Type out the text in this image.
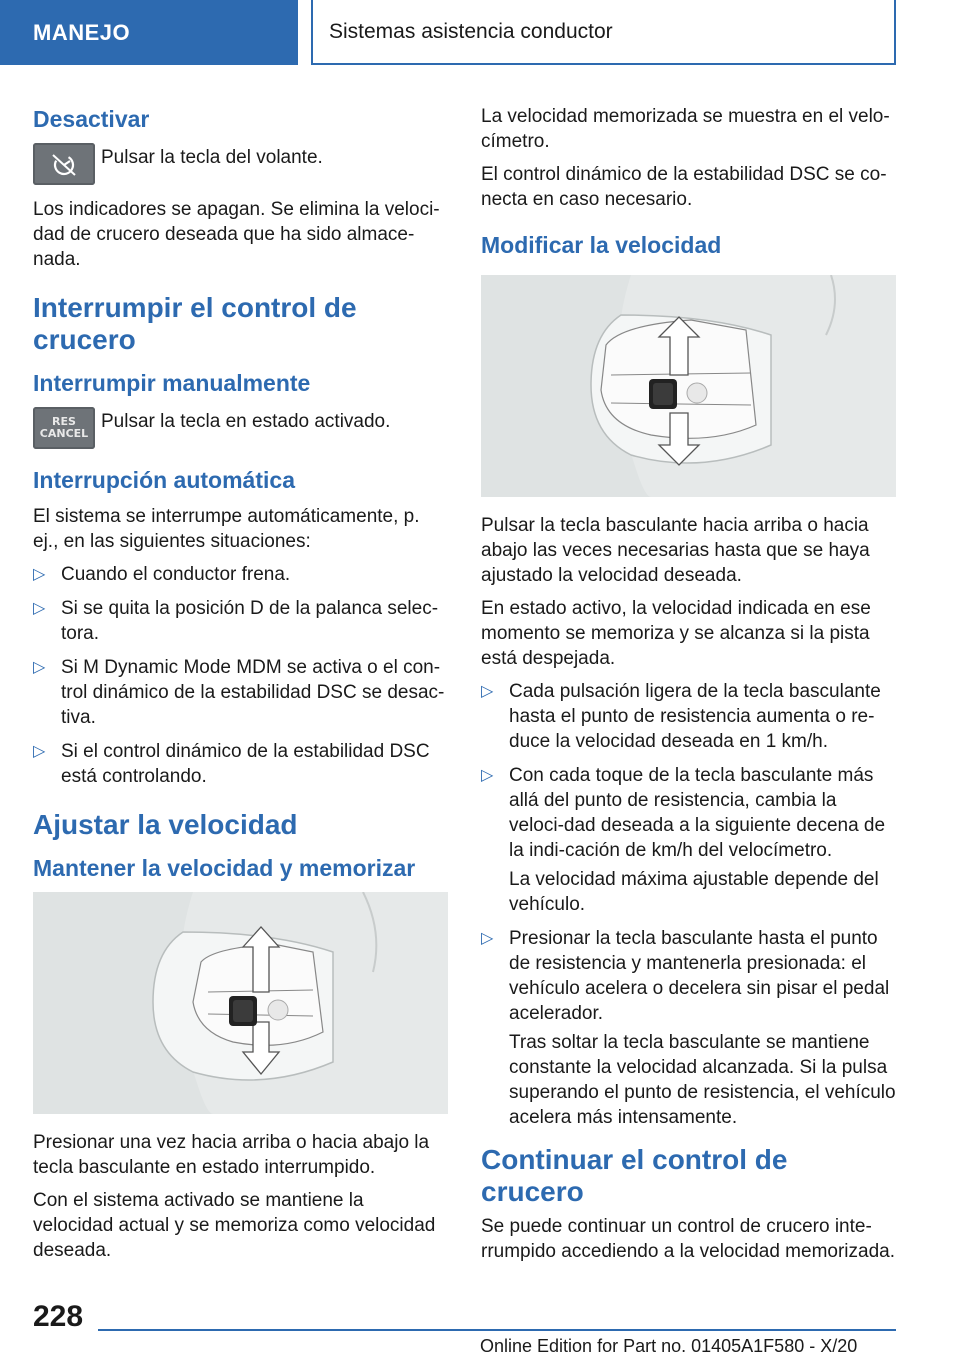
MANEJO	Sistemas asistencia conductor
Desactivar
Pulsar la tecla del volante.

Los indicadores se apagan. Se elimina la veloci-dad de crucero deseada que ha sido almace-nada.

Interrumpir el control de crucero
Interrumpir manualmente
RES
CANCEL
Pulsar la tecla en estado activado.
Interrupción automática

El sistema se interrumpe automáticamente, p. ej., en las siguientes situaciones:

▷ Cuando el conductor frena.
▷ Si se quita la posición D de la palanca selec-tora.
▷ Si M Dynamic Mode MDM se activa o el con-trol dinámico de la estabilidad DSC se desac-tiva.
▷ Si el control dinámico de la estabilidad DSC está controlando.
Ajustar la velocidad
Mantener la velocidad y memorizar

Presionar una vez hacia arriba o hacia abajo la tecla basculante en estado interrumpido.

Con el sistema activado se mantiene la velocidad actual y se memoriza como velocidad deseada.

La velocidad memorizada se muestra en el velo-címetro.

El control dinámico de la estabilidad DSC se co-necta en caso necesario.

Modificar la velocidad

Pulsar la tecla basculante hacia arriba o hacia abajo las veces necesarias hasta que se haya ajustado la velocidad deseada.

En estado activo, la velocidad indicada en ese momento se memoriza y se alcanza si la pista está despejada.

▷ Cada pulsación ligera de la tecla basculante hasta el punto de resistencia aumenta o re-duce la velocidad deseada en 1 km/h.
▷ Con cada toque de la tecla basculante más allá del punto de resistencia, cambia la veloci-dad deseada a la siguiente decena de la indi-cación de km/h del velocímetro.
La velocidad máxima ajustable depende del vehículo.
▷ Presionar la tecla basculante hasta el punto de resistencia y mantenerla presionada: el vehículo acelera o decelera sin pisar el pedal acelerador.
Tras soltar la tecla basculante se mantiene constante la velocidad alcanzada. Si la pulsa superando el punto de resistencia, el vehículo acelera más intensamente.
Continuar el control de crucero

Se puede continuar un control de crucero inte-rrumpido accediendo a la velocidad memorizada.

228
Online Edition for Part no. 01405A1F580 - X/20
